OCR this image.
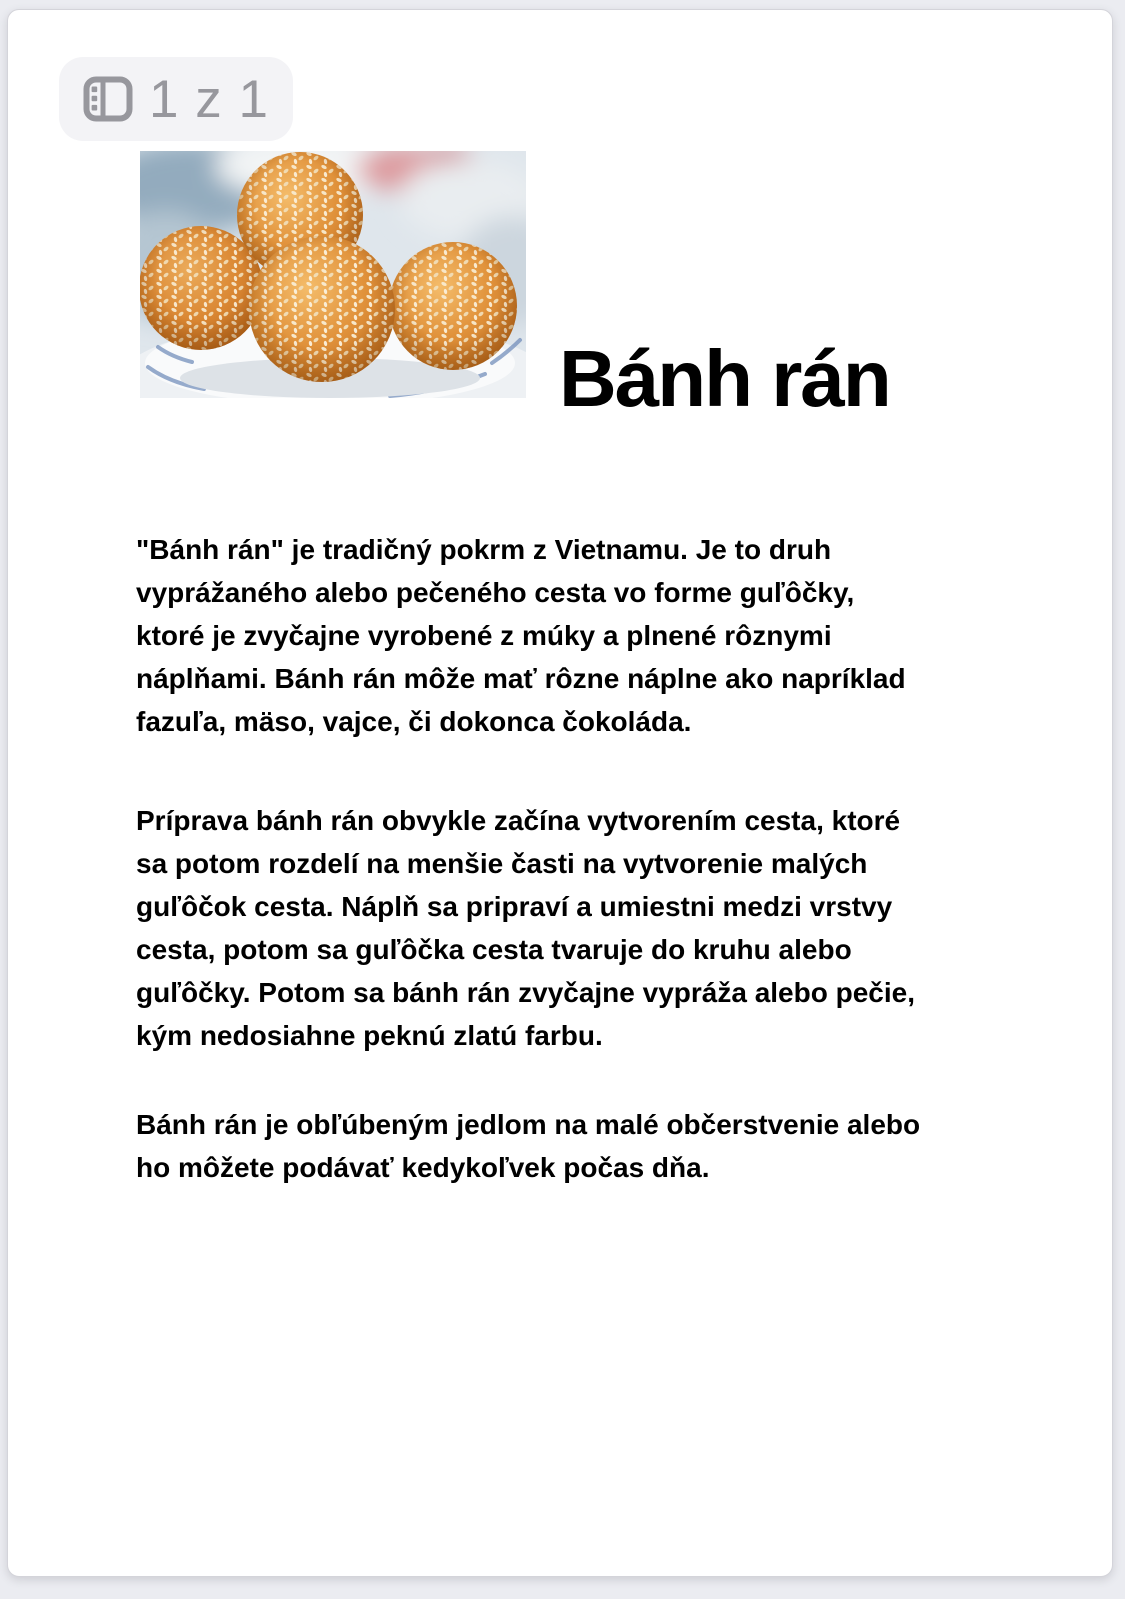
1 z 1
Bánh rán
"Bánh rán" je tradičný pokrm z Vietnamu. Je to druh
vyprážaného alebo pečeného cesta vo forme guľôčky,
ktoré je zvyčajne vyrobené z múky a plnené rôznymi
náplňami. Bánh rán môže mať rôzne náplne ako napríklad
fazuľa, mäso, vajce, či dokonca čokoláda.
Príprava bánh rán obvykle začína vytvorením cesta, ktoré
sa potom rozdelí na menšie časti na vytvorenie malých
guľôčok cesta. Náplň sa pripraví a umiestni medzi vrstvy
cesta, potom sa guľôčka cesta tvaruje do kruhu alebo
guľôčky. Potom sa bánh rán zvyčajne vypráža alebo pečie,
kým nedosiahne peknú zlatú farbu.
Bánh rán je obľúbeným jedlom na malé občerstvenie alebo
ho môžete podávať kedykoľvek počas dňa.
